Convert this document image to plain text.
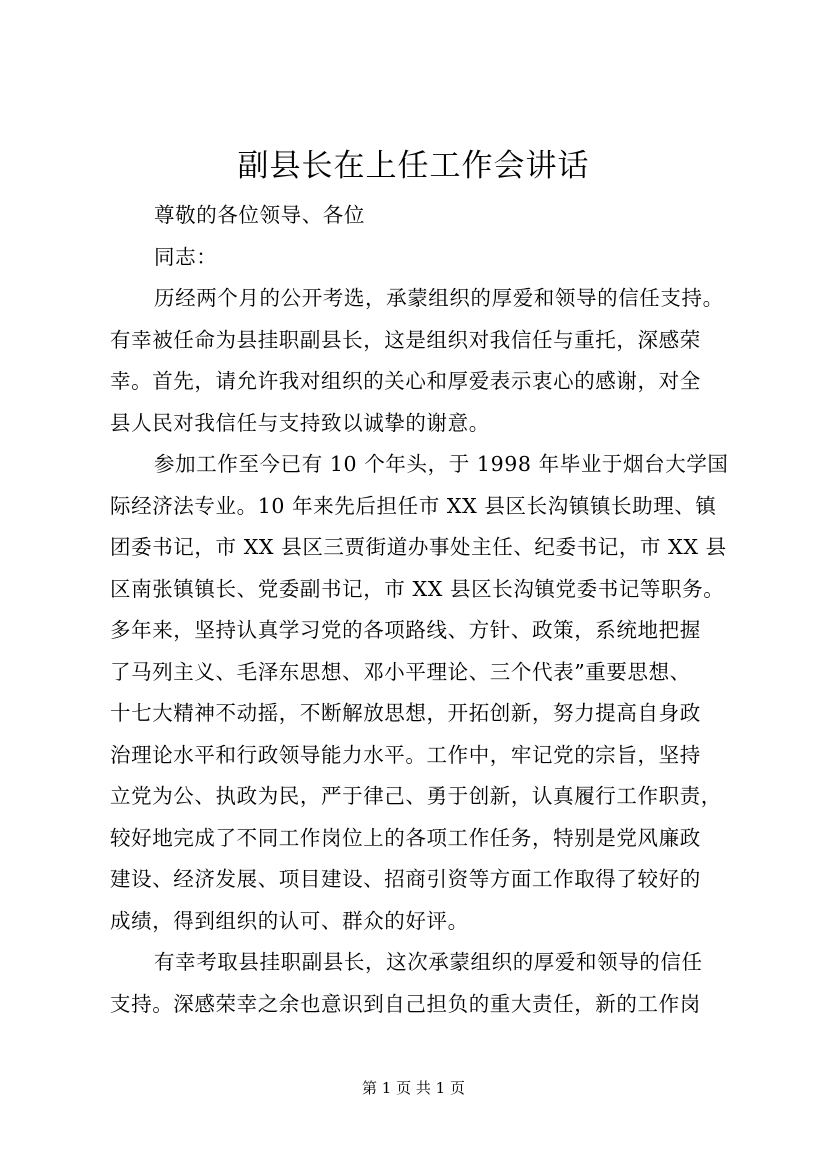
副县长在上任工作会讲话

尊敬的各位领导、各位

同志：

历经两个月的公开考选，承蒙组织的厚爱和领导的信任支持。

有幸被任命为县挂职副县长，这是组织对我信任与重托，深感荣

幸。首先，请允许我对组织的关心和厚爱表示衷心的感谢，对全

县人民对我信任与支持致以诚挚的谢意。

参加工作至今已有 10 个年头，于 1998 年毕业于烟台大学国

际经济法专业。10 年来先后担任市 XX 县区长沟镇镇长助理、镇

团委书记，市 XX 县区三贾街道办事处主任、纪委书记，市 XX 县

区南张镇镇长、党委副书记，市 XX 县区长沟镇党委书记等职务。

多年来，坚持认真学习党的各项路线、方针、政策，系统地把握

了马列主义、毛泽东思想、邓小平理论、三个代表”重要思想、

十七大精神不动摇，不断解放思想，开拓创新，努力提高自身政

治理论水平和行政领导能力水平。工作中，牢记党的宗旨，坚持

立党为公、执政为民，严于律己、勇于创新，认真履行工作职责，

较好地完成了不同工作岗位上的各项工作任务，特别是党风廉政

建设、经济发展、项目建设、招商引资等方面工作取得了较好的

成绩，得到组织的认可、群众的好评。

有幸考取县挂职副县长，这次承蒙组织的厚爱和领导的信任

支持。深感荣幸之余也意识到自己担负的重大责任，新的工作岗

第 1 页 共 1 页
